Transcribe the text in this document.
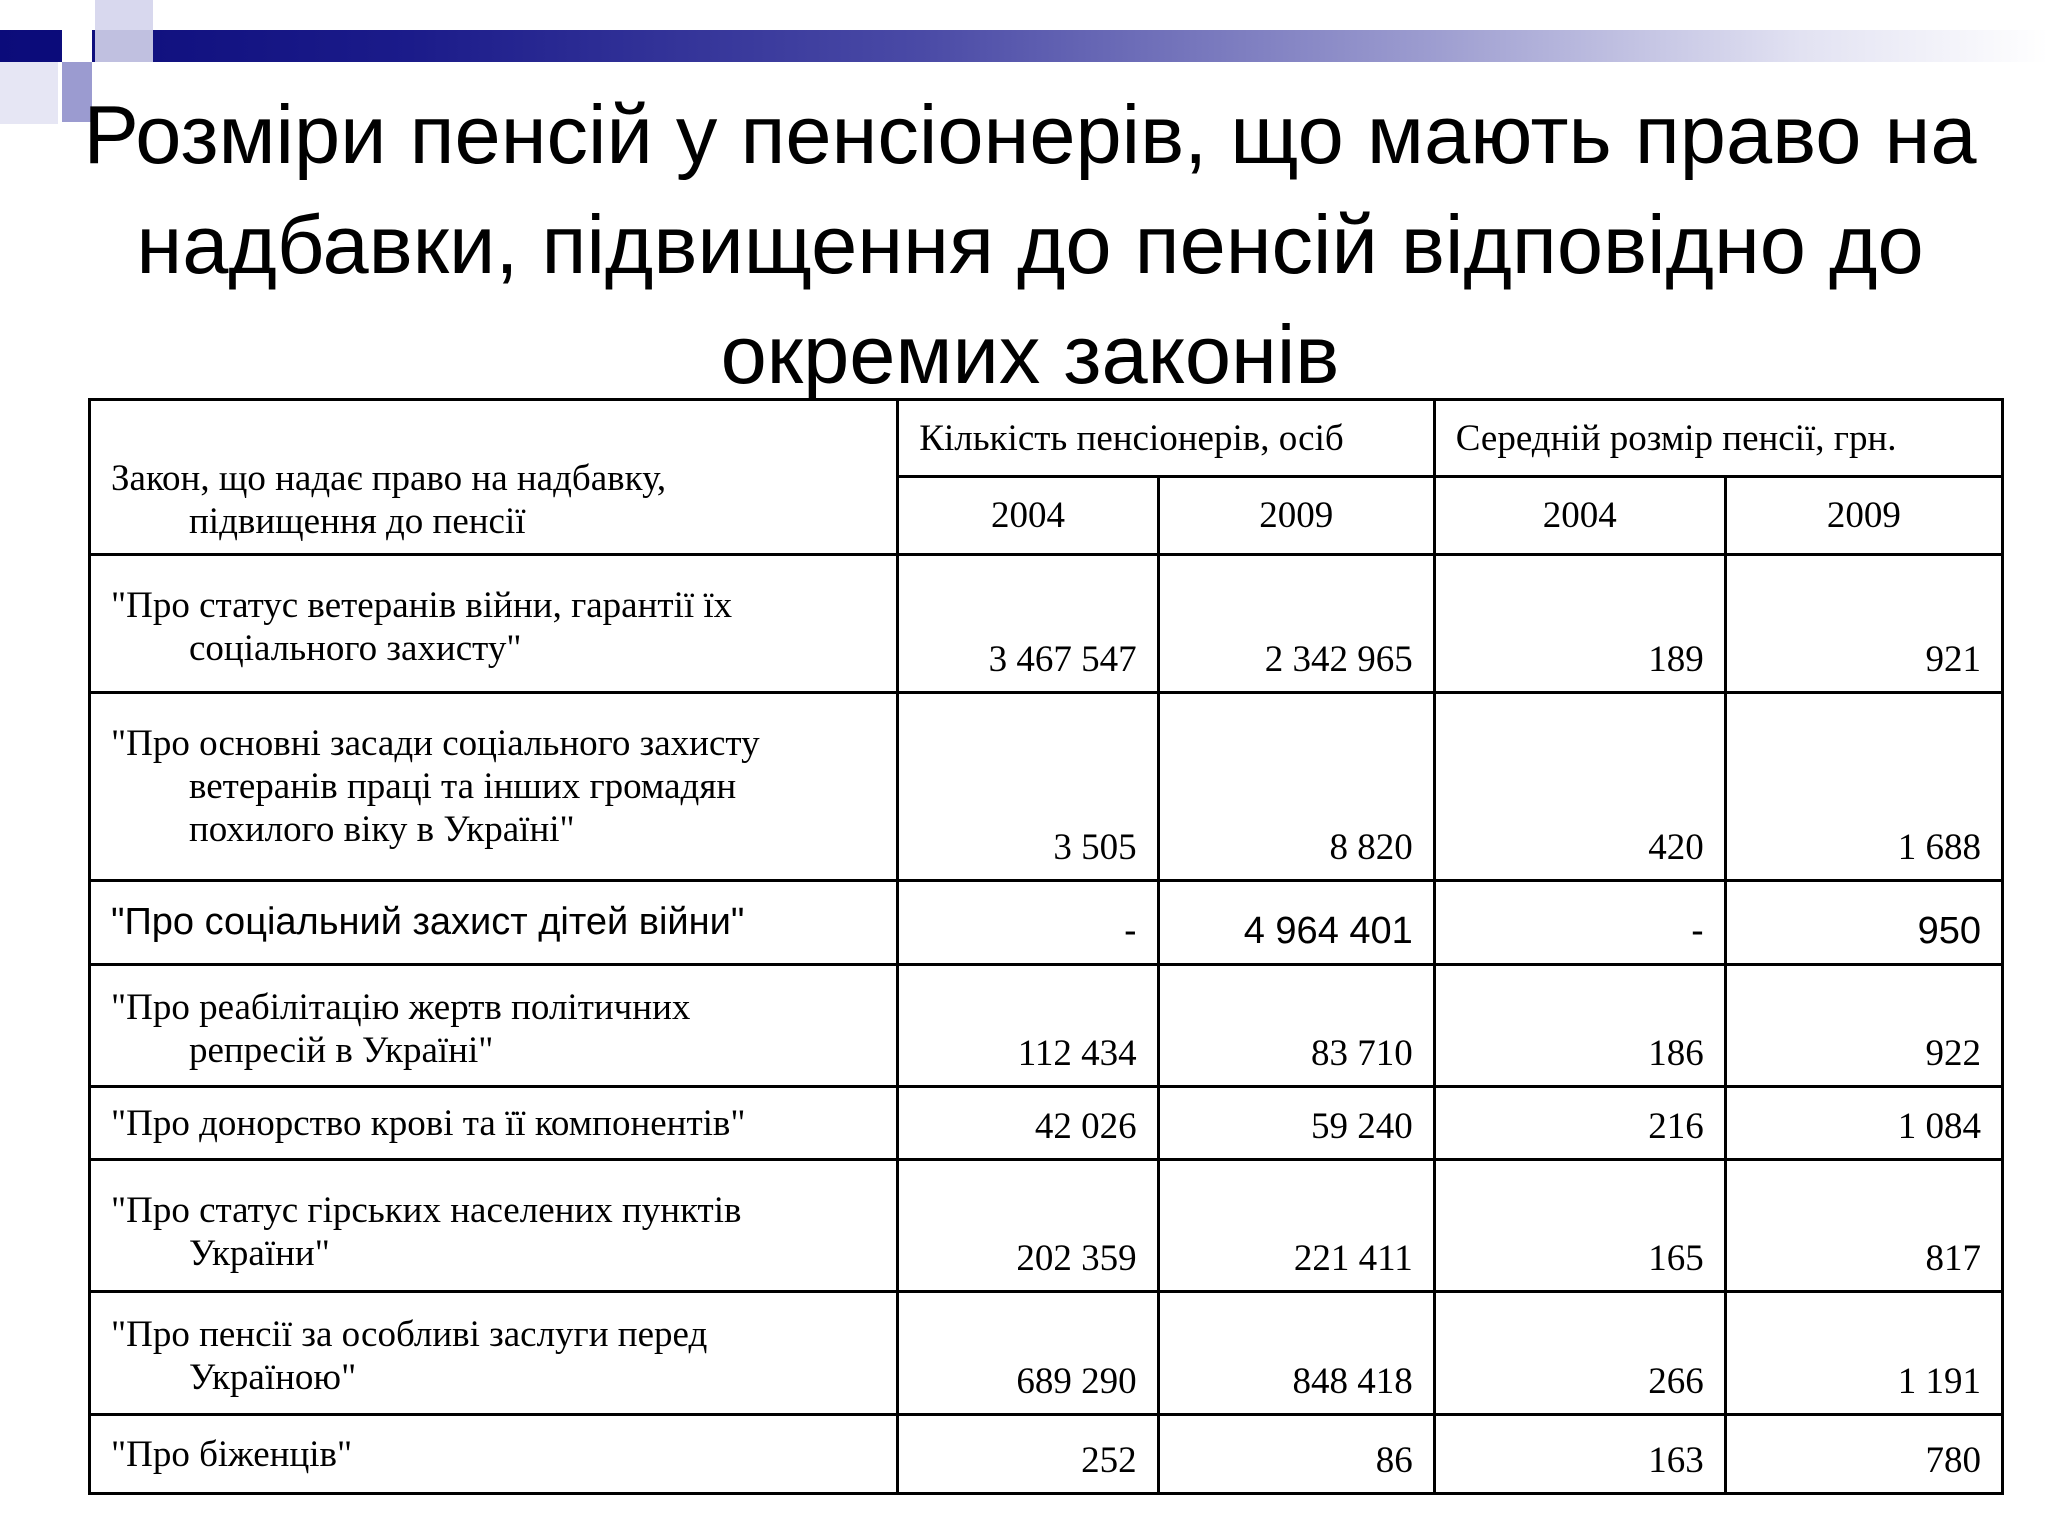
Розміри пенсій у пенсіонерів, що мають право на надбавки, підвищення до пенсій відповідно до окремих законів
Закон, що надає право на надбавку,
підвищення до пенсії	Кількість пенсіонерів, осіб		Середній розмір пенсії, грн.	
	2004	2009	2004	2009
"Про статус ветеранів війни, гарантії їх
соціального захисту"	3 467 547	2 342 965	189	921
"Про основні засади соціального захисту
ветеранів праці та інших громадян
похилого віку в Україні"	3 505	8 820	420	1 688
"Про соціальний захист дітей війни"	-	4 964 401	-	950
"Про реабілітацію жертв політичних
репресій в Україні"	112 434	83 710	186	922
"Про донорство крові та її компонентів"	42 026	59 240	216	1 084
"Про статус гірських населених пунктів
України"	202 359	221 411	165	817
"Про пенсії за особливі заслуги перед
Україною"	689 290	848 418	266	1 191
"Про біженців"	252	86	163	780
